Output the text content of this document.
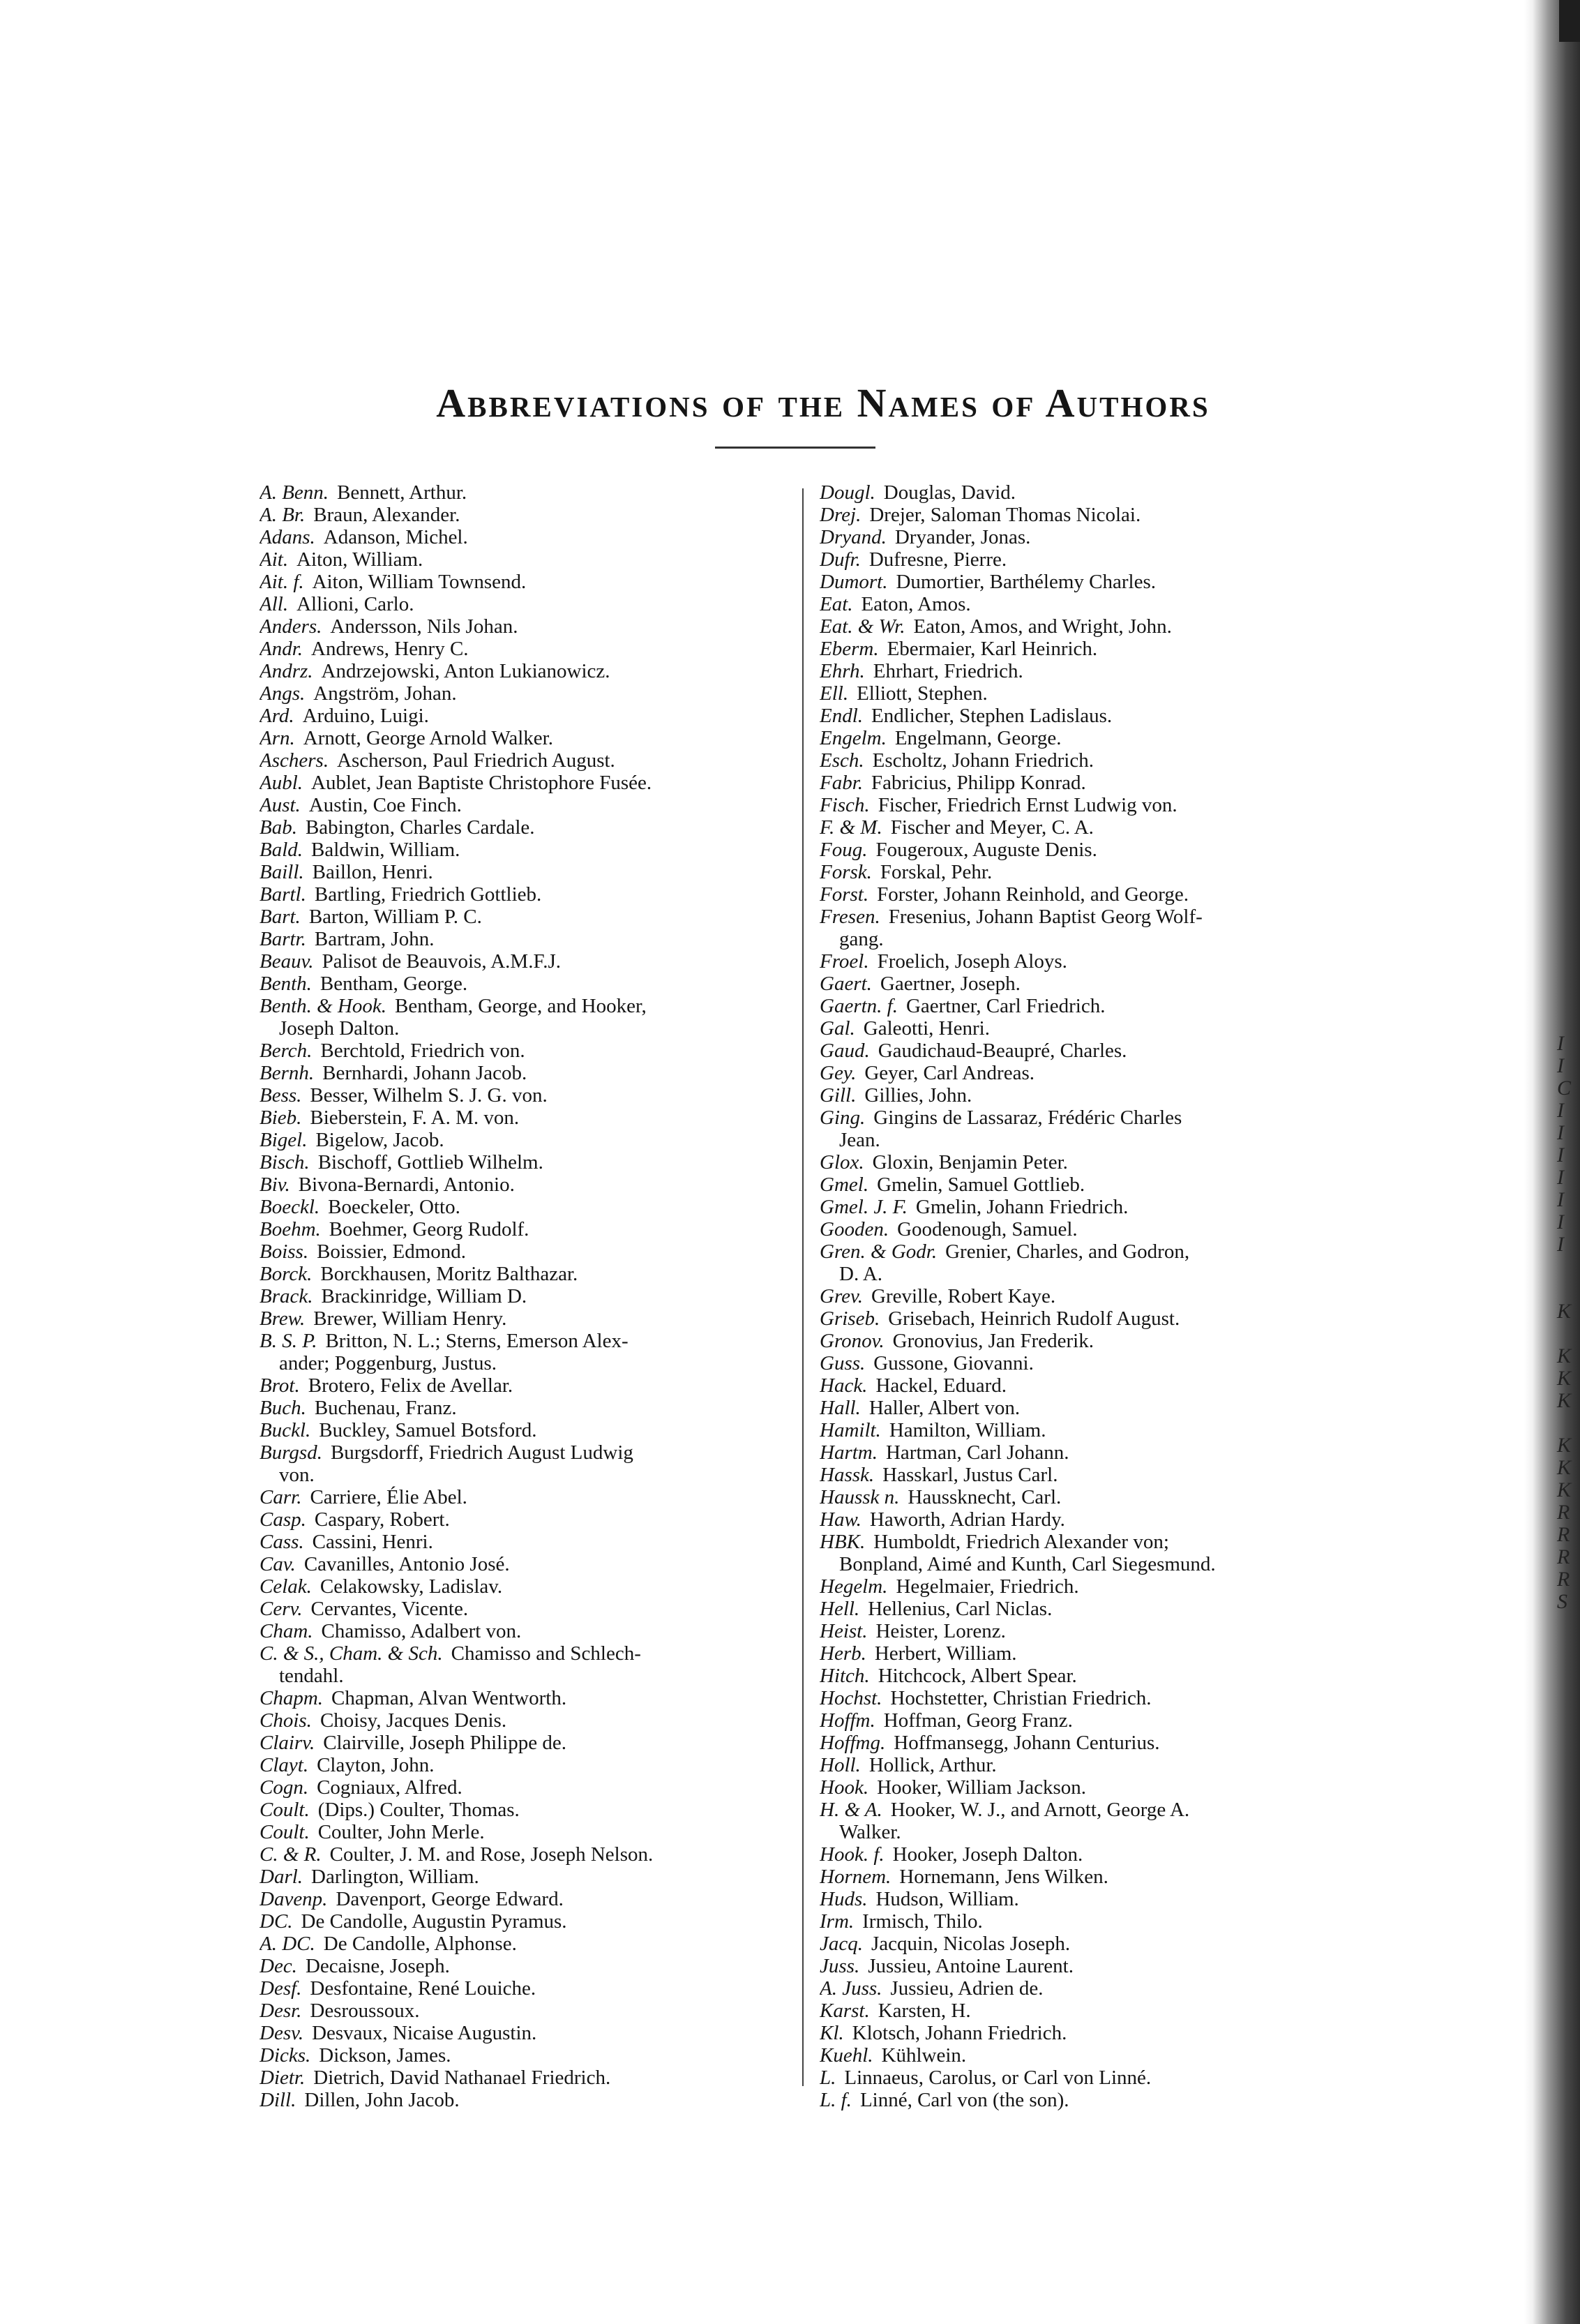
Abbreviations of the Names of Authors
A. Benn. Bennett, Arthur.
A. Br. Braun, Alexander.
Adans. Adanson, Michel.
Ait. Aiton, William.
Ait. f. Aiton, William Townsend.
All. Allioni, Carlo.
Anders. Andersson, Nils Johan.
Andr. Andrews, Henry C.
Andrz. Andrzejowski, Anton Lukianowicz.
Angs. Angström, Johan.
Ard. Arduino, Luigi.
Arn. Arnott, George Arnold Walker.
Aschers. Ascherson, Paul Friedrich August.
Aubl. Aublet, Jean Baptiste Christophore Fusée.
Aust. Austin, Coe Finch.
Bab. Babington, Charles Cardale.
Bald. Baldwin, William.
Baill. Baillon, Henri.
Bartl. Bartling, Friedrich Gottlieb.
Bart. Barton, William P. C.
Bartr. Bartram, John.
Beauv. Palisot de Beauvois, A.M.F.J.
Benth. Bentham, George.
Benth. & Hook. Bentham, George, and Hooker,
Joseph Dalton.
Berch. Berchtold, Friedrich von.
Bernh. Bernhardi, Johann Jacob.
Bess. Besser, Wilhelm S. J. G. von.
Bieb. Bieberstein, F. A. M. von.
Bigel. Bigelow, Jacob.
Bisch. Bischoff, Gottlieb Wilhelm.
Biv. Bivona-Bernardi, Antonio.
Boeckl. Boeckeler, Otto.
Boehm. Boehmer, Georg Rudolf.
Boiss. Boissier, Edmond.
Borck. Borckhausen, Moritz Balthazar.
Brack. Brackinridge, William D.
Brew. Brewer, William Henry.
B. S. P. Britton, N. L.; Sterns, Emerson Alex-
ander; Poggenburg, Justus.
Brot. Brotero, Felix de Avellar.
Buch. Buchenau, Franz.
Buckl. Buckley, Samuel Botsford.
Burgsd. Burgsdorff, Friedrich August Ludwig
von.
Carr. Carriere, Élie Abel.
Casp. Caspary, Robert.
Cass. Cassini, Henri.
Cav. Cavanilles, Antonio José.
Celak. Celakowsky, Ladislav.
Cerv. Cervantes, Vicente.
Cham. Chamisso, Adalbert von.
C. & S., Cham. & Sch. Chamisso and Schlech-
tendahl.
Chapm. Chapman, Alvan Wentworth.
Chois. Choisy, Jacques Denis.
Clairv. Clairville, Joseph Philippe de.
Clayt. Clayton, John.
Cogn. Cogniaux, Alfred.
Coult. (Dips.) Coulter, Thomas.
Coult. Coulter, John Merle.
C. & R. Coulter, J. M. and Rose, Joseph Nelson.
Darl. Darlington, William.
Davenp. Davenport, George Edward.
DC. De Candolle, Augustin Pyramus.
A. DC. De Candolle, Alphonse.
Dec. Decaisne, Joseph.
Desf. Desfontaine, René Louiche.
Desr. Desroussoux.
Desv. Desvaux, Nicaise Augustin.
Dicks. Dickson, James.
Dietr. Dietrich, David Nathanael Friedrich.
Dill. Dillen, John Jacob.
Dougl. Douglas, David.
Drej. Drejer, Saloman Thomas Nicolai.
Dryand. Dryander, Jonas.
Dufr. Dufresne, Pierre.
Dumort. Dumortier, Barthélemy Charles.
Eat. Eaton, Amos.
Eat. & Wr. Eaton, Amos, and Wright, John.
Eberm. Ebermaier, Karl Heinrich.
Ehrh. Ehrhart, Friedrich.
Ell. Elliott, Stephen.
Endl. Endlicher, Stephen Ladislaus.
Engelm. Engelmann, George.
Esch. Escholtz, Johann Friedrich.
Fabr. Fabricius, Philipp Konrad.
Fisch. Fischer, Friedrich Ernst Ludwig von.
F. & M. Fischer and Meyer, C. A.
Foug. Fougeroux, Auguste Denis.
Forsk. Forskal, Pehr.
Forst. Forster, Johann Reinhold, and George.
Fresen. Fresenius, Johann Baptist Georg Wolf-
gang.
Froel. Froelich, Joseph Aloys.
Gaert. Gaertner, Joseph.
Gaertn. f. Gaertner, Carl Friedrich.
Gal. Galeotti, Henri.
Gaud. Gaudichaud-Beaupré, Charles.
Gey. Geyer, Carl Andreas.
Gill. Gillies, John.
Ging. Gingins de Lassaraz, Frédéric Charles
Jean.
Glox. Gloxin, Benjamin Peter.
Gmel. Gmelin, Samuel Gottlieb.
Gmel. J. F. Gmelin, Johann Friedrich.
Gooden. Goodenough, Samuel.
Gren. & Godr. Grenier, Charles, and Godron,
D. A.
Grev. Greville, Robert Kaye.
Griseb. Grisebach, Heinrich Rudolf August.
Gronov. Gronovius, Jan Frederik.
Guss. Gussone, Giovanni.
Hack. Hackel, Eduard.
Hall. Haller, Albert von.
Hamilt. Hamilton, William.
Hartm. Hartman, Carl Johann.
Hassk. Hasskarl, Justus Carl.
Haussk n. Haussknecht, Carl.
Haw. Haworth, Adrian Hardy.
HBK. Humboldt, Friedrich Alexander von;
Bonpland, Aimé and Kunth, Carl Siegesmund.
Hegelm. Hegelmaier, Friedrich.
Hell. Hellenius, Carl Niclas.
Heist. Heister, Lorenz.
Herb. Herbert, William.
Hitch. Hitchcock, Albert Spear.
Hochst. Hochstetter, Christian Friedrich.
Hoffm. Hoffman, Georg Franz.
Hoffmg. Hoffmansegg, Johann Centurius.
Holl. Hollick, Arthur.
Hook. Hooker, William Jackson.
H. & A. Hooker, W. J., and Arnott, George A.
Walker.
Hook. f. Hooker, Joseph Dalton.
Hornem. Hornemann, Jens Wilken.
Huds. Hudson, William.
Irm. Irmisch, Thilo.
Jacq. Jacquin, Nicolas Joseph.
Juss. Jussieu, Antoine Laurent.
A. Juss. Jussieu, Adrien de.
Karst. Karsten, H.
Kl. Klotsch, Johann Friedrich.
Kuehl. Kühlwein.
L. Linnaeus, Carolus, or Carl von Linné.
L. f. Linné, Carl von (the son).
I
I
C
I
I
I
I
I
I
I
K
K
K
K
K
K
K
R
R
R
R
S
